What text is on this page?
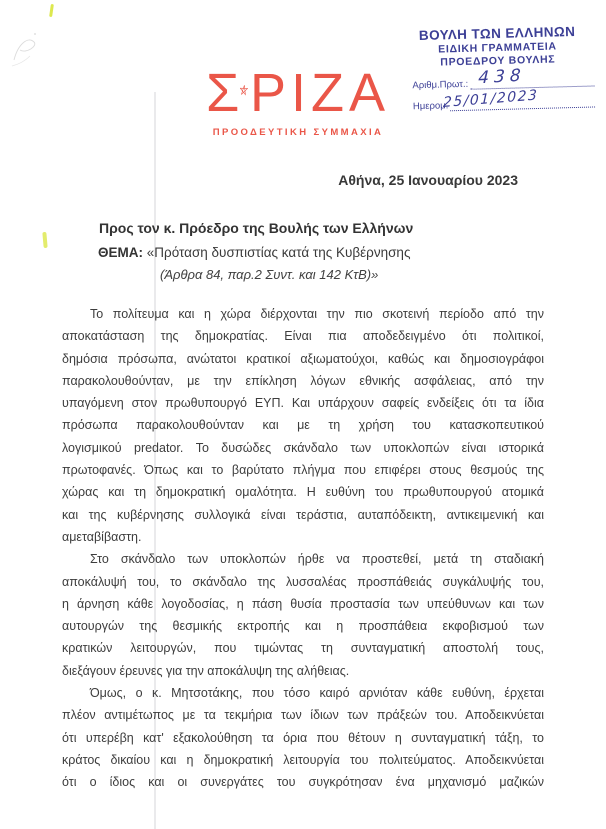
Σ ΡΙΖΑ
ΠΡΟΟΔΕΥΤΙΚΗ ΣΥΜΜΑΧΙΑ
ΒΟΥΛΗ ΤΩΝ ΕΛΛΗΝΩΝ
ΕΙΔΙΚΗ ΓΡΑΜΜΑΤΕΙΑ
ΠΡΟΕΔΡΟΥ ΒΟΥΛΗΣ
Αριθμ.Πρωτ.: 438
Ημερομ.
25/01/2023
Αθήνα, 25 Ιανουαρίου 2023
Προς τον κ. Πρόεδρο της Βουλής των Ελλήνων
ΘΕΜΑ: «Πρόταση δυσπιστίας κατά της Κυβέρνησης
(Άρθρα 84, παρ.2 Συντ. και 142 ΚτΒ)»
Το πολίτευμα και η χώρα διέρχονται την πιο σκοτεινή περίοδο από την
αποκατάσταση της δημοκρατίας. Είναι πια αποδεδειγμένο ότι πολιτικοί,
δημόσια πρόσωπα, ανώτατοι κρατικοί αξιωματούχοι, καθώς και δημοσιογράφοι
παρακολουθούνταν, με την επίκληση λόγων εθνικής ασφάλειας, από την
υπαγόμενη στον πρωθυπουργό ΕΥΠ. Και υπάρχουν σαφείς ενδείξεις ότι τα ίδια
πρόσωπα παρακολουθούνταν και με τη χρήση του κατασκοπευτικού
λογισμικού predator. Το δυσώδες σκάνδαλο των υποκλοπών είναι ιστορικά
πρωτοφανές. Όπως και το βαρύτατο πλήγμα που επιφέρει στους θεσμούς της
χώρας και τη δημοκρατική ομαλότητα. Η ευθύνη του πρωθυπουργού ατομικά
και της κυβέρνησης συλλογικά είναι τεράστια, αυταπόδεικτη, αντικειμενική και
αμεταβίβαστη.
Στο σκάνδαλο των υποκλοπών ήρθε να προστεθεί, μετά τη σταδιακή
αποκάλυψή του, το σκάνδαλο της λυσσαλέας προσπάθειάς συγκάλυψής του,
η άρνηση κάθε λογοδοσίας, η πάση θυσία προστασία των υπεύθυνων και των
αυτουργών της θεσμικής εκτροπής και η προσπάθεια εκφοβισμού των
κρατικών λειτουργών, που τιμώντας τη συνταγματική αποστολή τους,
διεξάγουν έρευνες για την αποκάλυψη της αλήθειας.
Όμως, ο κ. Μητσοτάκης, που τόσο καιρό αρνιόταν κάθε ευθύνη, έρχεται
πλέον αντιμέτωπος με τα τεκμήρια των ίδιων των πράξεών του. Αποδεικνύεται
ότι υπερέβη κατ' εξακολούθηση τα όρια που θέτουν η συνταγματική τάξη, το
κράτος δικαίου και η δημοκρατική λειτουργία του πολιτεύματος. Αποδεικνύεται
ότι ο ίδιος και οι συνεργάτες του συγκρότησαν ένα μηχανισμό μαζικών
